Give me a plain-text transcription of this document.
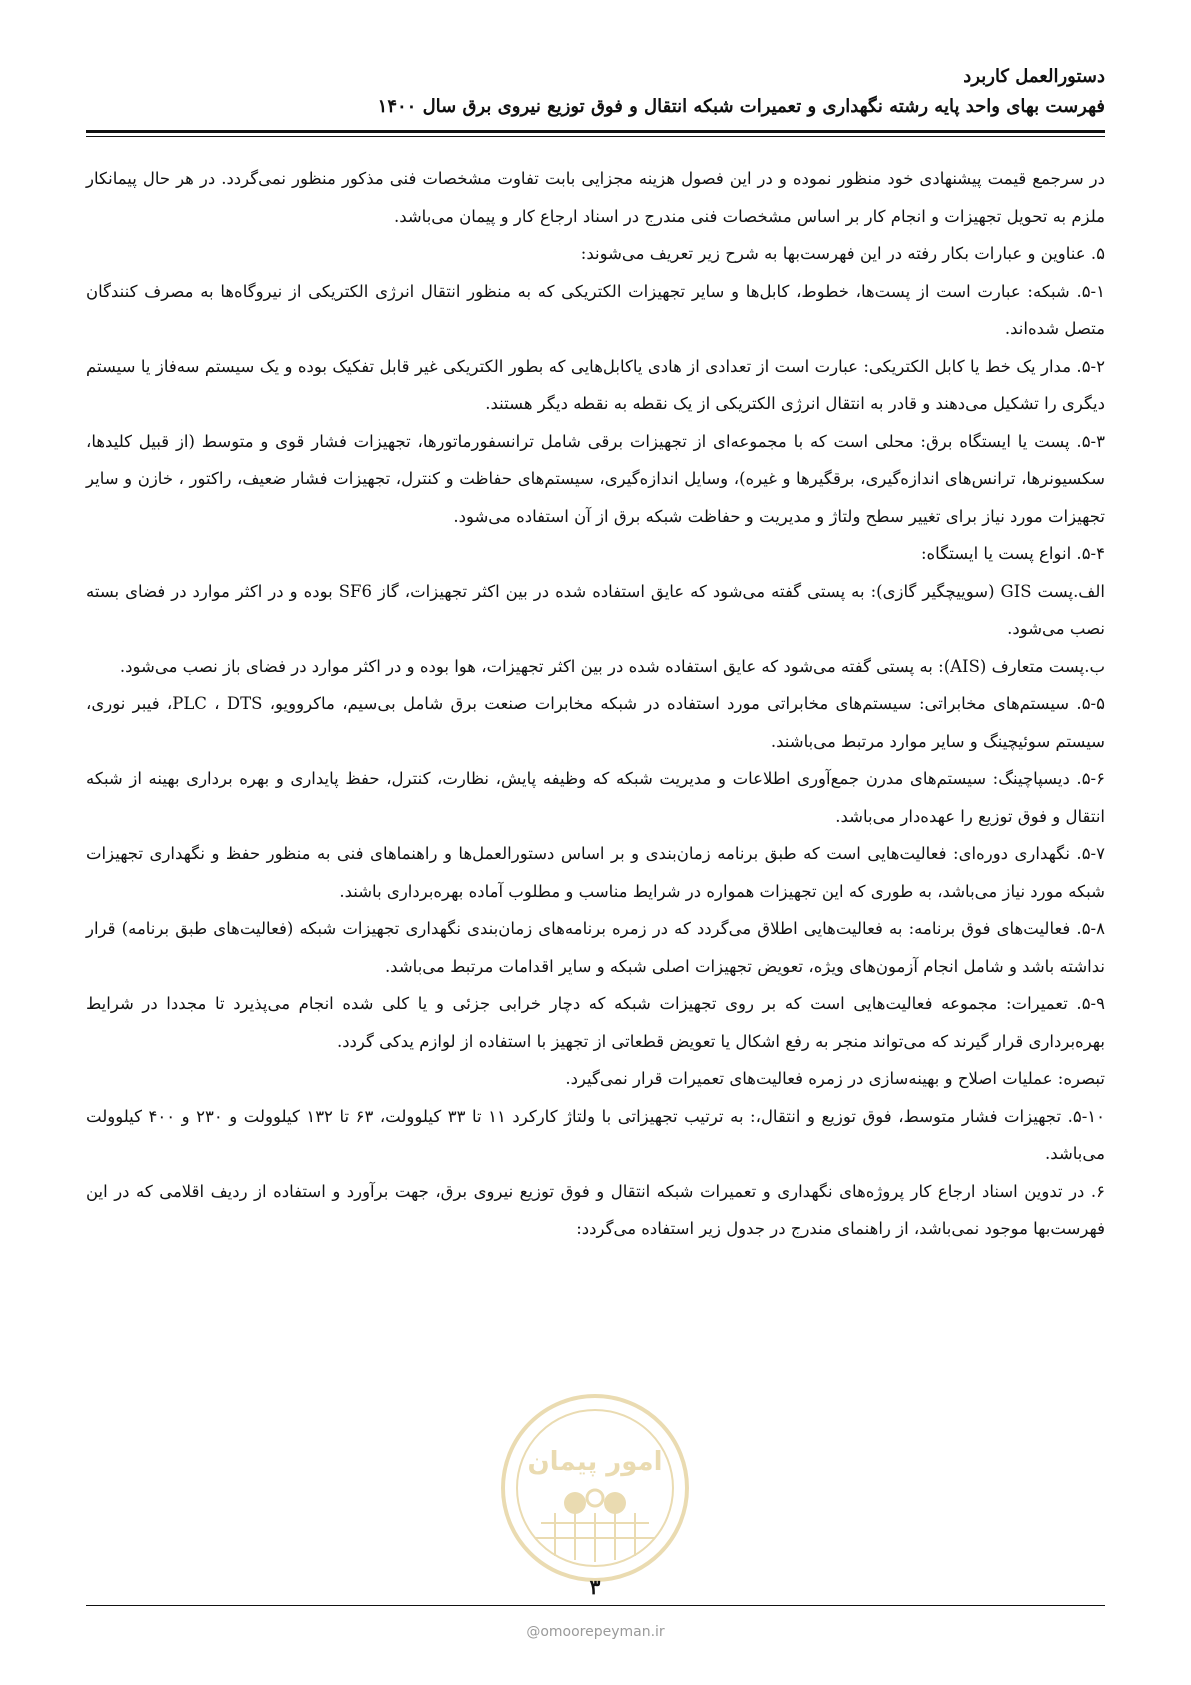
دستورالعمل کاربرد
فهرست بهای واحد پایه رشته نگهداری و تعمیرات شبکه انتقال و فوق توزیع نیروی برق سال ۱۴۰۰

در سرجمع قیمت پیشنهادی خود منظور نموده و در این فصول هزینه مجزایی بابت تفاوت مشخصات فنی مذکور منظور نمی‌گردد. در هر حال پیمانکار ملزم به تحویل تجهیزات و انجام کار بر اساس مشخصات فنی مندرج در اسناد ارجاع کار و پیمان می‌باشد.

۵. عناوین و عبارات بکار رفته در این فهرست‌بها به شرح زیر تعریف می‌شوند:

۵-۱. شبکه: عبارت است از پست‌ها، خطوط، کابل‌ها و سایر تجهیزات الکتریکی که به منظور انتقال انرژی الکتریکی از نیروگاه‌ها به مصرف کنندگان متصل شده‌اند.

۵-۲. مدار یک خط یا کابل الکتریکی: عبارت است از تعدادی از هادی یاکابل‌هایی که بطور الکتریکی غیر قابل تفکیک بوده و یک سیستم سه‌فاز یا سیستم دیگری را تشکیل می‌دهند و قادر به انتقال انرژی الکتریکی از یک نقطه به نقطه دیگر هستند.

۵-۳. پست یا ایستگاه برق: محلی است که با مجموعه‌ای از تجهیزات برقی شامل ترانسفورماتورها، تجهیزات فشار قوی و متوسط (از قبیل کلیدها، سکسیونرها، ترانس‌های اندازه‌گیری، برقگیرها و غیره)، وسایل اندازه‌گیری، سیستم‌های حفاظت و کنترل، تجهیزات فشار ضعیف، راکتور ، خازن و سایر تجهیزات مورد نیاز برای تغییر سطح ولتاژ و مدیریت و حفاظت شبکه برق از آن استفاده می‌شود.

۵-۴. انواع پست یا ایستگاه:

الف.پست GIS (سوییچگیر گازی): به پستی گفته می‌شود که عایق استفاده شده در بین اکثر تجهیزات، گاز SF6 بوده و در اکثر موارد در فضای بسته نصب می‌شود.

ب.پست متعارف (AIS): به پستی گفته می‌شود که عایق استفاده شده در بین اکثر تجهیزات، هوا بوده و در اکثر موارد در فضای باز نصب می‌شود.

۵-۵. سیستم‌های مخابراتی: سیستم‌های مخابراتی مورد استفاده در شبکه مخابرات صنعت برق شامل بی‌سیم، ماکروویو، PLC ، DTS، فیبر نوری، سیستم سوئیچینگ و سایر موارد مرتبط می‌باشند.

۵-۶. دیسپاچینگ: سیستم‌های مدرن جمع‌آوری اطلاعات و مدیریت شبکه که وظیفه پایش، نظارت، کنترل، حفظ پایداری و بهره برداری بهینه از شبکه انتقال و فوق توزیع را عهده‌دار می‌باشد.

۵-۷. نگهداری دوره‌ای: فعالیت‌هایی است که طبق برنامه زمان‌بندی و بر اساس دستورالعمل‌ها و راهنماهای فنی به منظور حفظ و نگهداری تجهیزات شبکه مورد نیاز می‌باشد، به طوری که این تجهیزات همواره در شرایط مناسب و مطلوب آماده بهره‌برداری باشند.

۵-۸. فعالیت‌های فوق برنامه: به فعالیت‌هایی اطلاق می‌گردد که در زمره برنامه‌های زمان‌بندی نگهداری تجهیزات شبکه (فعالیت‌های طبق برنامه) قرار نداشته باشد و شامل انجام آزمون‌های ویژه، تعویض تجهیزات اصلی شبکه و سایر اقدامات مرتبط می‌باشد.

۵-۹. تعمیرات: مجموعه فعالیت‌هایی است که بر روی تجهیزات شبکه که دچار خرابی جزئی و یا کلی شده انجام می‌پذیرد تا مجددا در شرایط بهره‌برداری قرار گیرند که می‌تواند منجر به رفع اشکال یا تعویض قطعاتی از تجهیز با استفاده از لوازم یدکی گردد.

تبصره: عملیات اصلاح و بهینه‌سازی در زمره فعالیت‌های تعمیرات قرار نمی‌گیرد.

۵-۱۰. تجهیزات فشار متوسط، فوق توزیع و انتقال،: به ترتیب تجهیزاتی با ولتاژ کارکرد ۱۱ تا ۳۳ کیلوولت، ۶۳ تا ۱۳۲ کیلوولت و ۲۳۰ و ۴۰۰ کیلوولت می‌باشد.

۶. در تدوین اسناد ارجاع کار پروژه‌های نگهداری و تعمیرات شبکه انتقال و فوق توزیع نیروی برق، جهت برآورد و استفاده از ردیف اقلامی که در این فهرست‌بها موجود نمی‌باشد، از راهنمای مندرج در جدول زیر استفاده می‌گردد:

امور پیمان
۳
@omoorepeyman.ir
